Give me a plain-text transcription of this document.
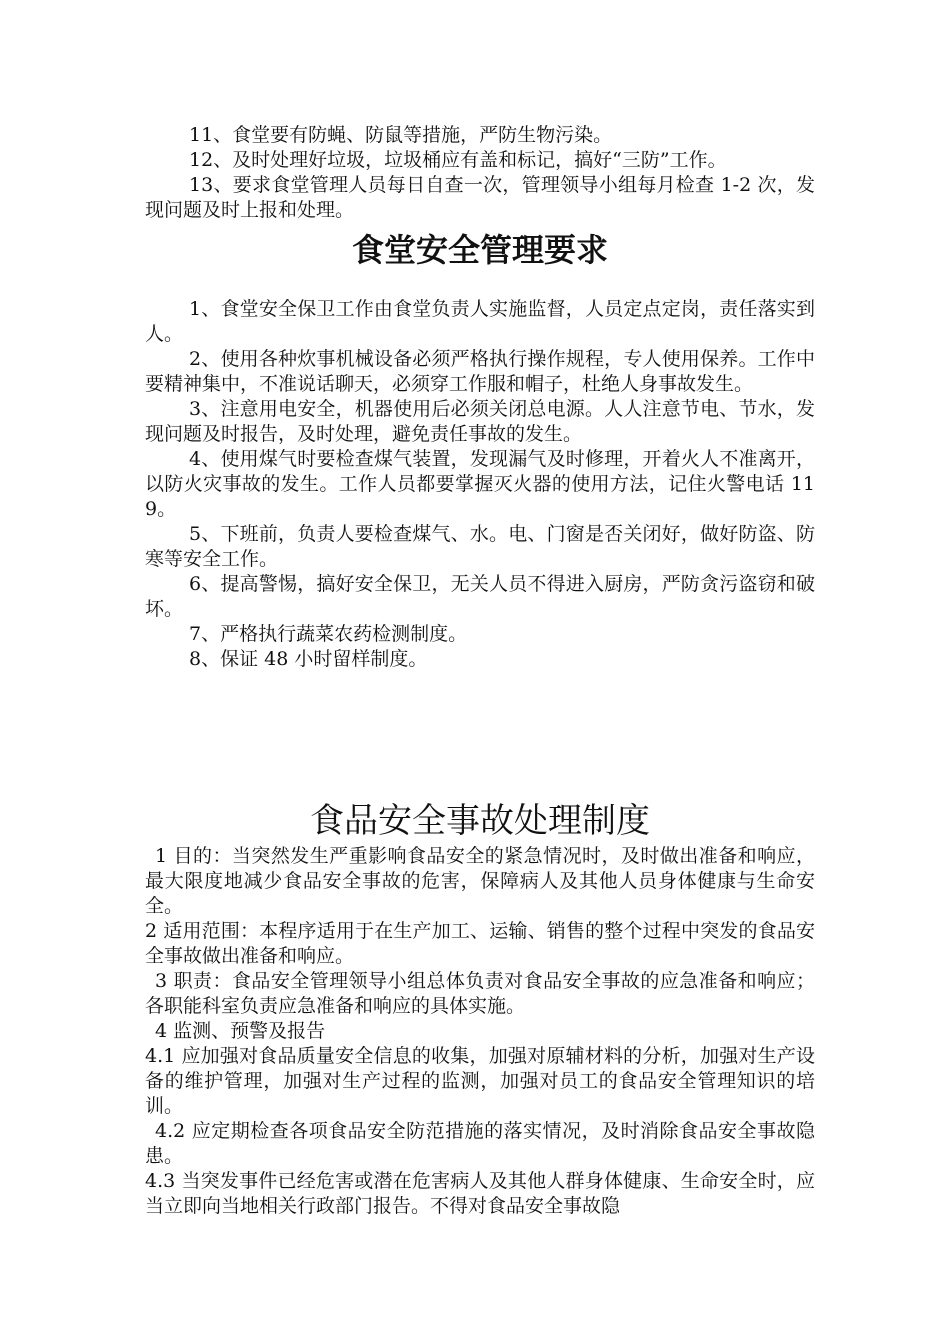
11、食堂要有防蝇、防鼠等措施，严防生物污染。

12、及时处理好垃圾，垃圾桶应有盖和标记，搞好“三防”工作。

13、要求食堂管理人员每日自查一次，管理领导小组每月检查 1-2 次，发现问题及时上报和处理。

食堂安全管理要求

1、食堂安全保卫工作由食堂负责人实施监督，人员定点定岗，责任落实到人。

2、使用各种炊事机械设备必须严格执行操作规程，专人使用保养。工作中要精神集中，不准说话聊天，必须穿工作服和帽子，杜绝人身事故发生。

3、注意用电安全，机器使用后必须关闭总电源。人人注意节电、节水，发现问题及时报告，及时处理，避免责任事故的发生。

4、使用煤气时要检查煤气装置，发现漏气及时修理，开着火人不准离开，以防火灾事故的发生。工作人员都要掌握灭火器的使用方法，记住火警电话 119。

5、下班前，负责人要检查煤气、水。电、门窗是否关闭好，做好防盗、防寒等安全工作。

6、提高警惕，搞好安全保卫，无关人员不得进入厨房，严防贪污盗窃和破坏。

7、严格执行蔬菜农药检测制度。

8、保证 48 小时留样制度。

食品安全事故处理制度

1 目的：当突然发生严重影响食品安全的紧急情况时，及时做出准备和响应，最大限度地减少食品安全事故的危害，保障病人及其他人员身体健康与生命安全。

2 适用范围：本程序适用于在生产加工、运输、销售的整个过程中突发的食品安全事故做出准备和响应。

3 职责：食品安全管理领导小组总体负责对食品安全事故的应急准备和响应；各职能科室负责应急准备和响应的具体实施。

4 监测、预警及报告

4.1 应加强对食品质量安全信息的收集，加强对原辅材料的分析，加强对生产设备的维护管理，加强对生产过程的监测，加强对员工的食品安全管理知识的培训。

4.2 应定期检查各项食品安全防范措施的落实情况，及时消除食品安全事故隐患。

4.3 当突发事件已经危害或潜在危害病人及其他人群身体健康、生命安全时，应当立即向当地相关行政部门报告。不得对食品安全事故隐
